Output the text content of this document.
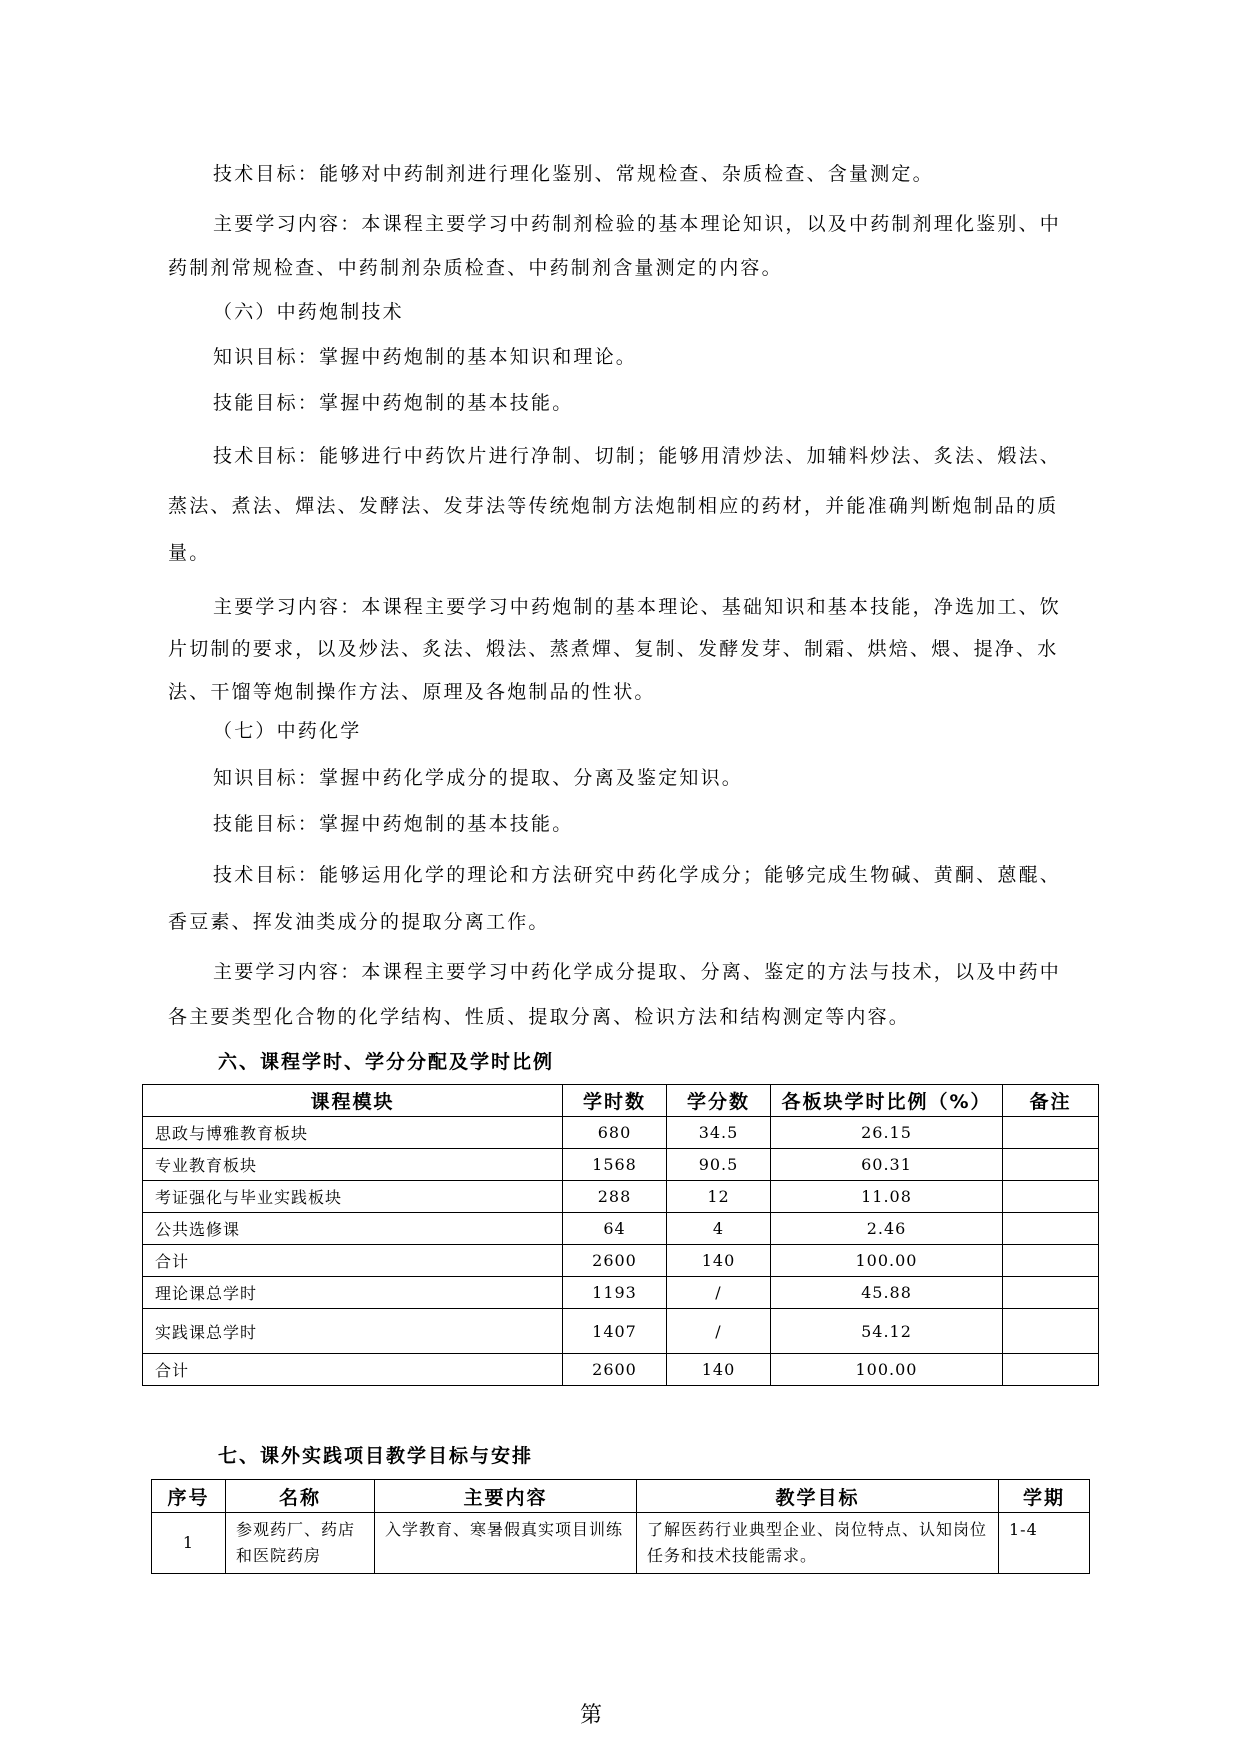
技术目标：能够对中药制剂进行理化鉴别、常规检查、杂质检查、含量测定。
主要学习内容：本课程主要学习中药制剂检验的基本理论知识，以及中药制剂理化鉴别、中
药制剂常规检查、中药制剂杂质检查、中药制剂含量测定的内容。
（六）中药炮制技术
知识目标：掌握中药炮制的基本知识和理论。
技能目标：掌握中药炮制的基本技能。
技术目标：能够进行中药饮片进行净制、切制；能够用清炒法、加辅料炒法、炙法、煅法、
蒸法、煮法、燀法、发酵法、发芽法等传统炮制方法炮制相应的药材，并能准确判断炮制品的质
量。
主要学习内容：本课程主要学习中药炮制的基本理论、基础知识和基本技能，净选加工、饮
片切制的要求，以及炒法、炙法、煅法、蒸煮燀、复制、发酵发芽、制霜、烘焙、煨、提净、水
法、干馏等炮制操作方法、原理及各炮制品的性状。
（七）中药化学
知识目标：掌握中药化学成分的提取、分离及鉴定知识。
技能目标：掌握中药炮制的基本技能。
技术目标：能够运用化学的理论和方法研究中药化学成分；能够完成生物碱、黄酮、蒽醌、
香豆素、挥发油类成分的提取分离工作。
主要学习内容：本课程主要学习中药化学成分提取、分离、鉴定的方法与技术，以及中药中
各主要类型化合物的化学结构、性质、提取分离、检识方法和结构测定等内容。
六、课程学时、学分分配及学时比例
课程模块	学时数	学分数	各板块学时比例（%）	备注
思政与博雅教育板块	680	34.5	26.15	
专业教育板块	1568	90.5	60.31	
考证强化与毕业实践板块	288	12	11.08	
公共选修课	64	4	2.46	
合计	2600	140	100.00	
理论课总学时	1193	/	45.88	
实践课总学时	1407	/	54.12	
合计	2600	140	100.00	
七、课外实践项目教学目标与安排
序号	名称	主要内容	教学目标	学期
1	参观药厂、药店和医院药房	入学教育、寒暑假真实项目训练	了解医药行业典型企业、岗位特点、认知岗位任务和技术技能需求。	1-4
第
